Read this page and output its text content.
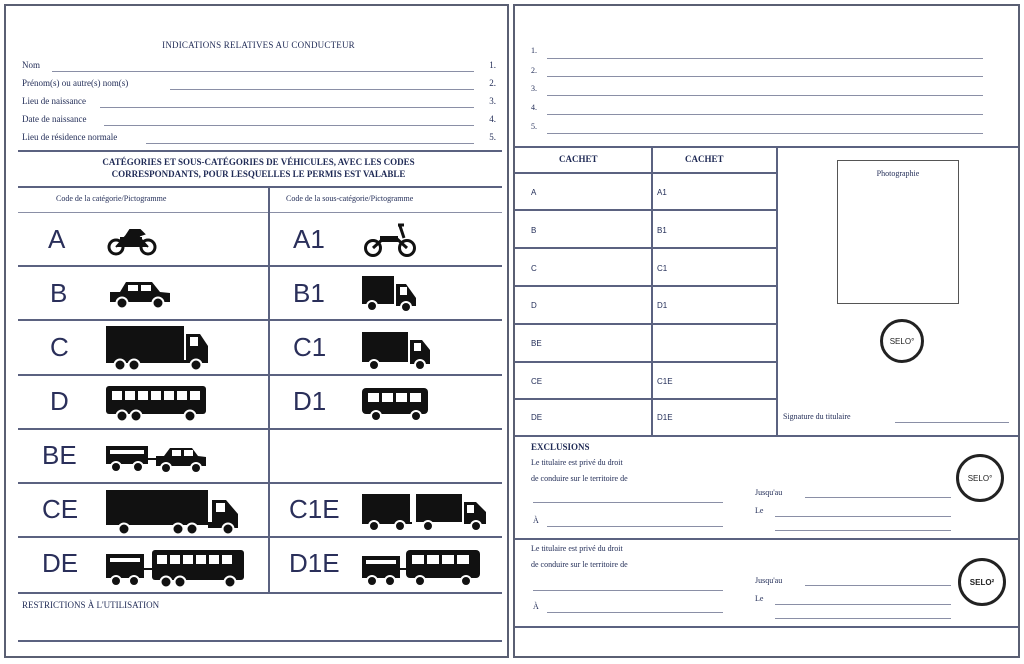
INDICATIONS RELATIVES AU CONDUCTEUR
Nom	1.
Prénom(s) ou autre(s) nom(s)	2.
Lieu de naissance	3.
Date de naissance	4.
Lieu de résidence normale	5.
CATÉGORIES ET SOUS-CATÉGORIES DE VÉHICULES, AVEC LES CODES
CORRESPONDANTS, POUR LESQUELLES LE PERMIS EST VALABLE
Code de la catégorie/Pictogramme	Code de la sous-catégorie/Pictogramme
A	A1
B	B1
C	C1
D	D1
BE
CE	C1E
DE	D1E
RESTRICTIONS À L'UTILISATION
1.
2.
3.
4.
5.
CACHET	CACHET
A	A1
B	B1
C	C1
D	D1
BE
CE	C1E
DE	D1E
Photographie
SELO°
Signature du titulaire
EXCLUSIONS
Le titulaire est privé du droit
de conduire sur le territoire de
À
Jusqu'au
Le
SELO°
Le titulaire est privé du droit
de conduire sur le territoire de
À
Jusqu'au
Le
SELO²
